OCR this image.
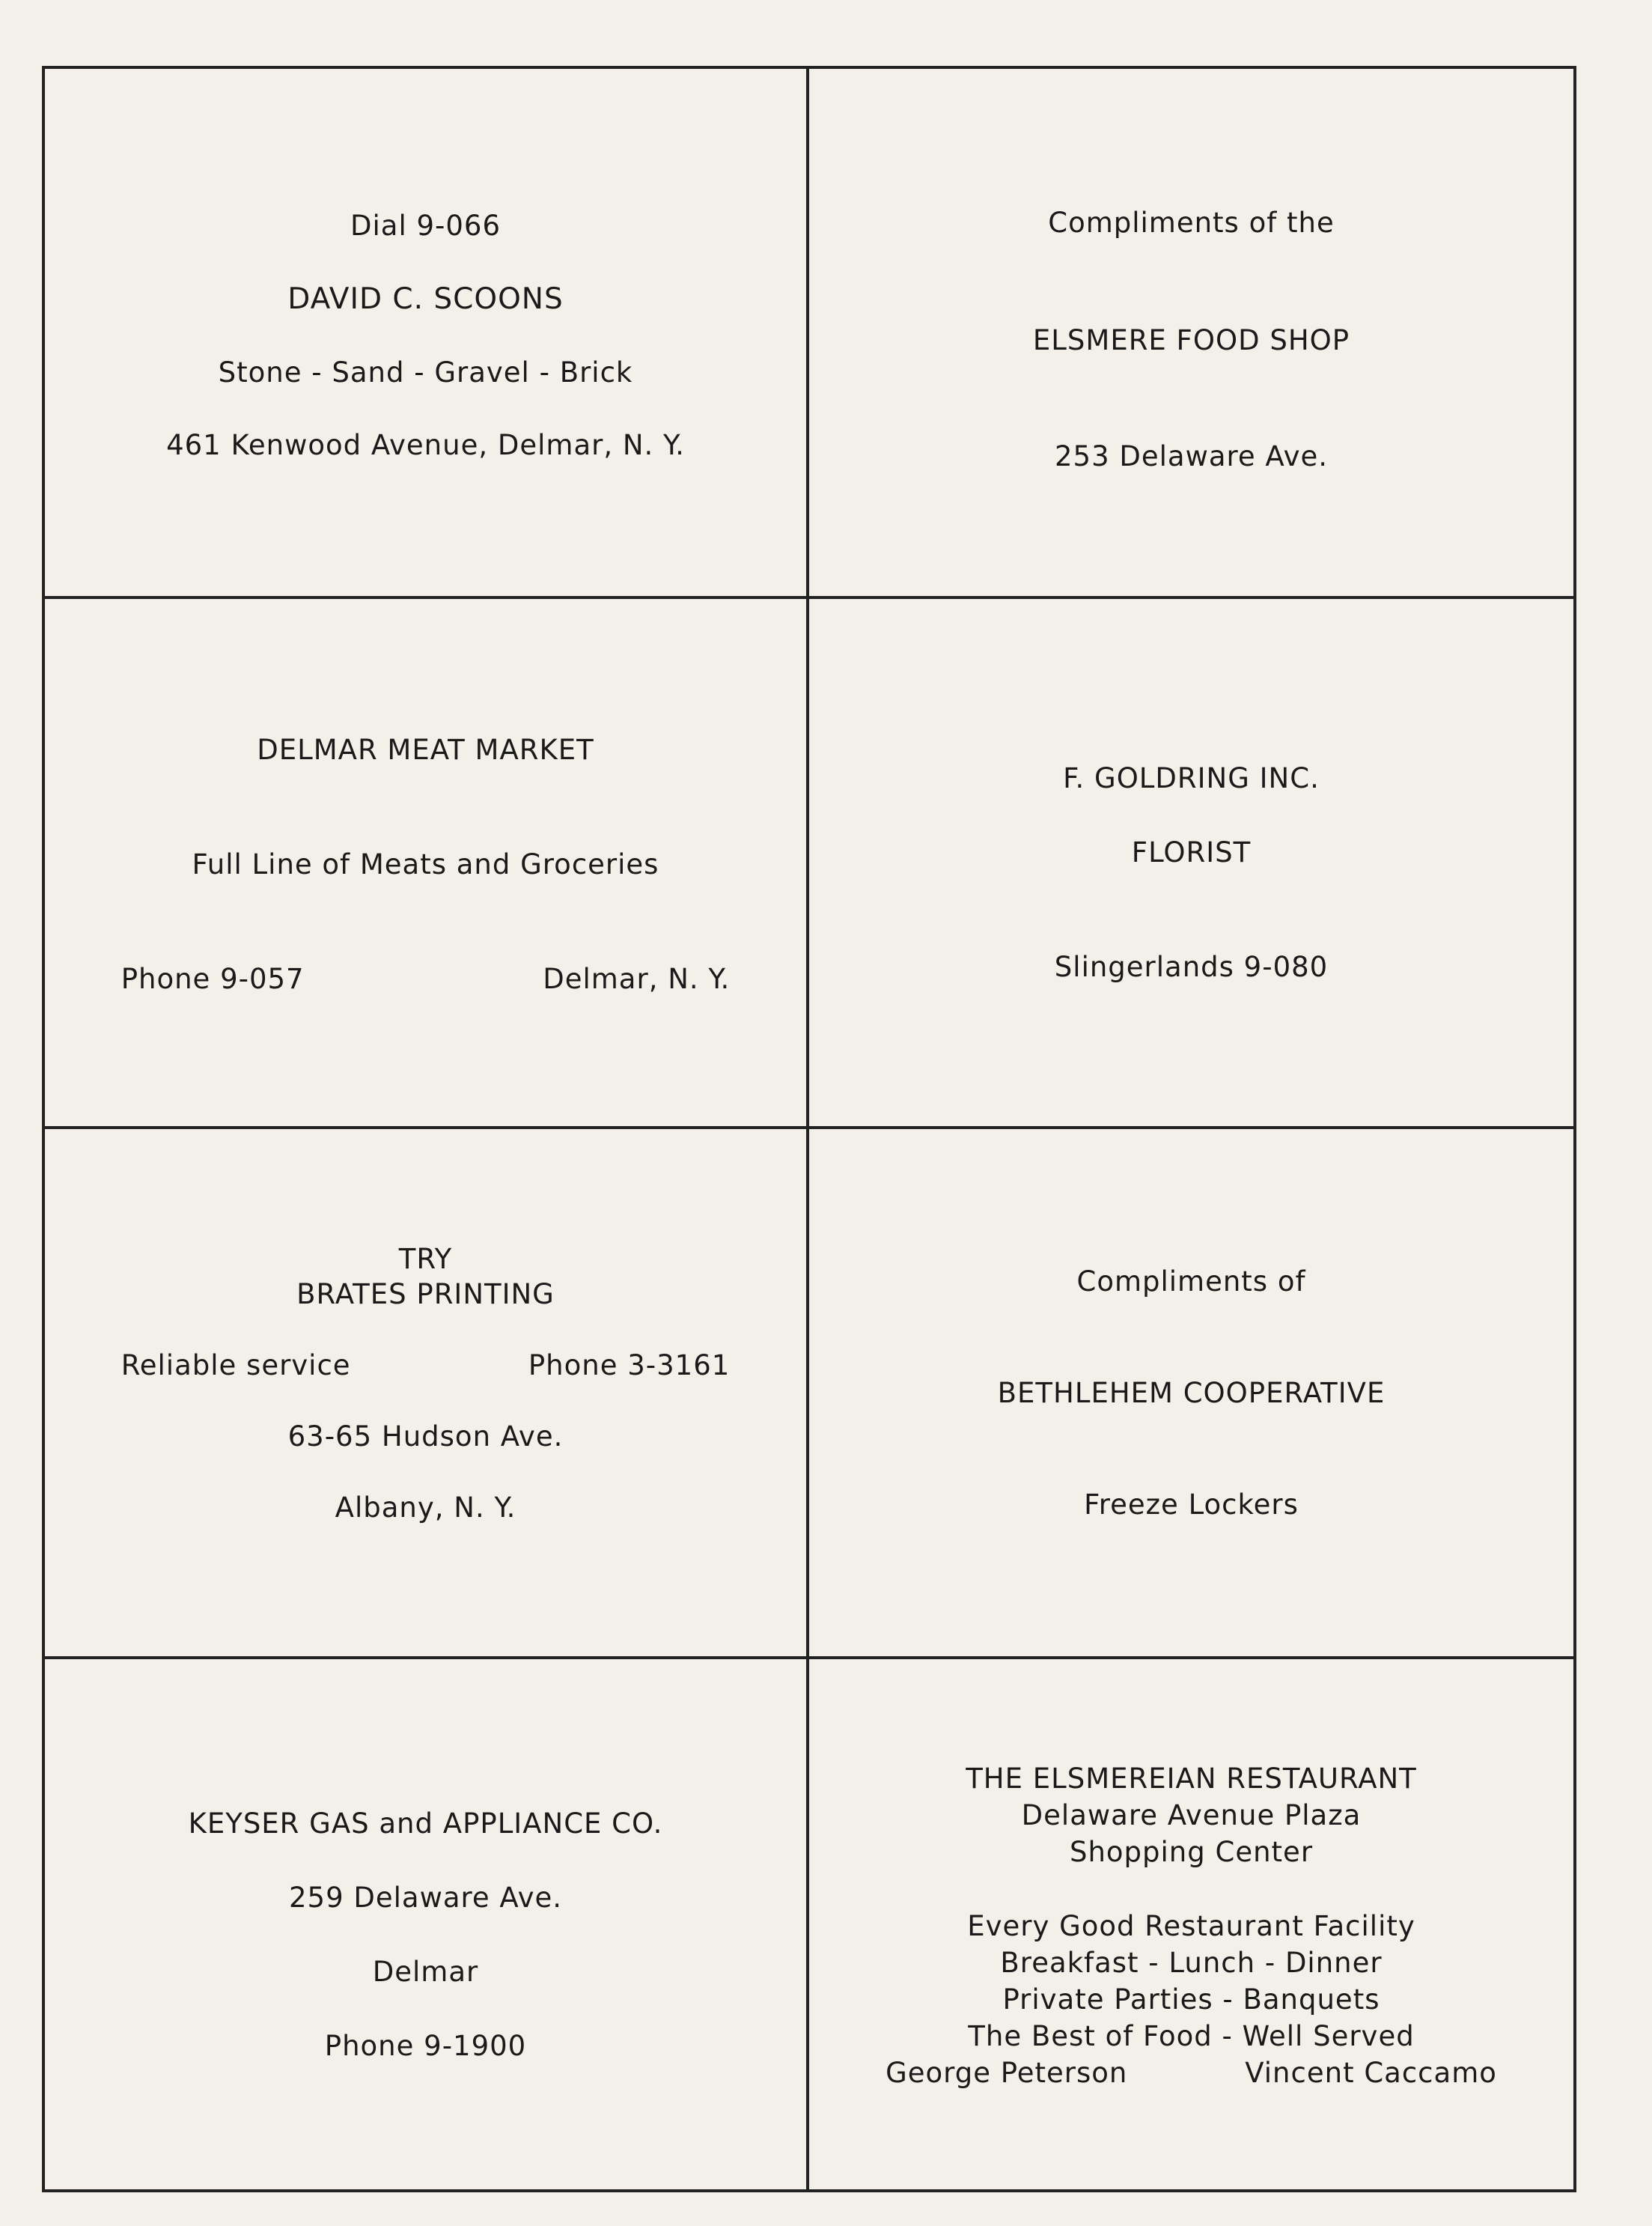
Dial 9-066
DAVID C. SCOONS
Stone - Sand - Gravel - Brick
461 Kenwood Avenue, Delmar, N. Y.
Compliments of the
ELSMERE FOOD SHOP
253 Delaware Ave.
DELMAR MEAT MARKET
Full Line of Meats and Groceries
Phone 9-057	Delmar, N. Y.
F. GOLDRING INC.
FLORIST
Slingerlands 9-080
TRY
BRATES PRINTING
Reliable service	Phone 3-3161
63-65 Hudson Ave.
Albany, N. Y.
Compliments of
BETHLEHEM COOPERATIVE
Freeze Lockers
KEYSER GAS and APPLIANCE CO.
259 Delaware Ave.
Delmar
Phone 9-1900
THE ELSMEREIAN RESTAURANT
Delaware Avenue Plaza
Shopping Center
Every Good Restaurant Facility
Breakfast - Lunch - Dinner
Private Parties - Banquets
The Best of Food - Well Served
George Peterson	Vincent Caccamo
